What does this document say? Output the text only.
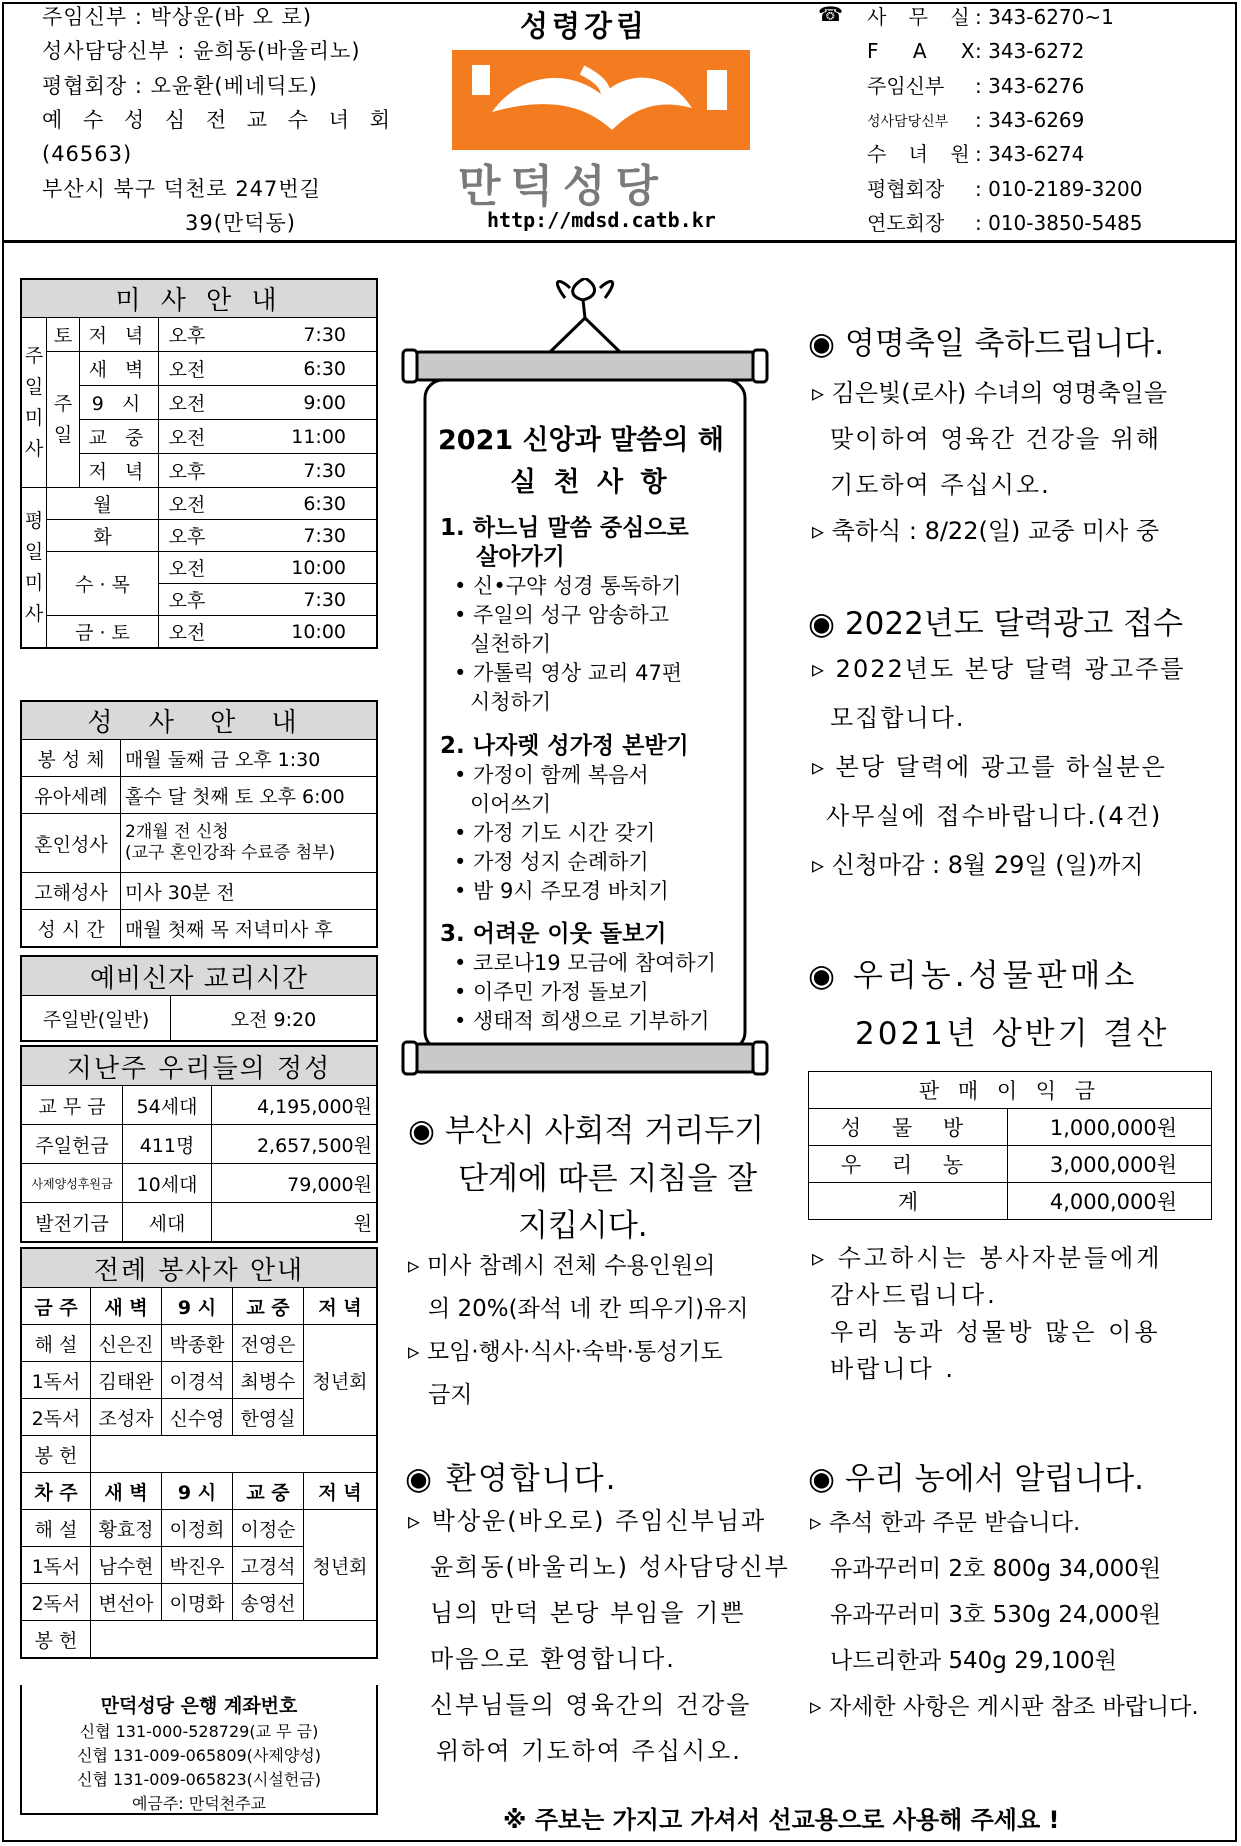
주임신부 : 박상운(바 오 로)
성사담당신부 : 윤희동(바울리노)
평협회장 : 오윤환(베네딕도)
예 수 성 심 전 교 수 녀 회
(46563)
부산시 북구 덕천로 247번길
39(만덕동)
성령강림
만덕성당
http://mdsd.catb.kr
☎ 사 무 실
: 343-6270~1
F A X
: 343-6272
주임신부 : 343-6276
성사담당신부 : 343-6269
수 녀 원
: 343-6274
평협회장 : 010-2189-3200
연도회장 : 010-3850-5485
미 사 안 내				

주
일
미
사	토	저 녁	오후	7:30

	주
일	새 벽	오전	6:30
		9 시	오전	9:00
		교 중	오전	11:00
		저 녁	오후	7:30

평
일
미
사	월		오전	6:30
	화		오후	7:30
	수 · 목		오전	10:00
			오후	7:30
	금 · 토		오전	10:00
성 사 안 내	
봉 성 체	매월 둘째 금 오후 1:30
유아세례	홀수 달 첫째 토 오후 6:00
혼인성사	2개월 전 신청
(교구 혼인강좌 수료증 첨부)

고해성사	미사 30분 전
성 시 간	매월 첫째 목 저녁미사 후
예비신자 교리시간
주일반(일반)	오전 9:20
지난주 우리들의 정성		
교 무 금	54세대	4,195,000원
주일헌금	411명	2,657,500원
사제양성후원금	10세대	79,000원
발전기금	세대	원
전례 봉사자 안내				
금 주	새 벽	9 시	교 중	저 녁
해 설	신은진	박종환	전영은	청년회
1독서	김태완	이경석	최병수	
2독서	조성자	신수영	한영실	
봉 헌				
차 주	새 벽	9 시	교 중	저 녁
해 설	황효정	이정희	이정순	청년회
1독서	남수현	박진우	고경석	
2독서	변선아	이명화	송영선	
봉 헌				
만덕성당 은행 계좌번호
신협 131-000-528729(교 무 금)
신협 131-009-065809(사제양성)
신협 131-009-065823(시설헌금)
예금주: 만덕천주교
2021 신앙과 말씀의 해
실 천 사 항
1. 하느님 말씀 중심으로
살아가기
• 신•구약 성경 통독하기
• 주일의 성구 암송하고
실천하기
• 가톨릭 영상 교리 47편
시청하기
2. 나자렛 성가정 본받기
• 가정이 함께 복음서
이어쓰기
• 가정 기도 시간 갖기
• 가정 성지 순례하기
• 밤 9시 주모경 바치기
3. 어려운 이웃 돌보기
• 코로나19 모금에 참여하기
• 이주민 가정 돌보기
• 생태적 희생으로 기부하기
◉ 부산시 사회적 거리두기
단계에 따른 지침을 잘
지킵시다.
▹ 미사 참례시 전체 수용인원의
의 20%(좌석 네 칸 띄우기)유지
▹ 모임·행사·식사·숙박·통성기도
금지
◉ 환영합니다.
▹ 박상운(바오로) 주임신부님과
윤희동(바울리노) 성사담당신부
님의 만덕 본당 부임을 기쁜
마음으로 환영합니다.
신부님들의 영육간의 건강을
위하여 기도하여 주십시오.
◉ 영명축일 축하드립니다.
▹ 김은빛(로사) 수녀의 영명축일을
맞이하여 영육간 건강을 위해
기도하여 주십시오.
▹ 축하식 : 8/22(일) 교중 미사 중
◉ 2022년도 달력광고 접수
▹ 2022년도 본당 달력 광고주를
모집합니다.
▹ 본당 달력에 광고를 하실분은
사무실에 접수바랍니다.(4건)
▹ 신청마감 : 8월 29일 (일)까지
◉ 우리농.성물판매소
2021년 상반기 결산
판 매 이 익 금	
성 물 방	1,000,000원
우 리 농	3,000,000원
계	4,000,000원
▹ 수고하시는 봉사자분들에게
감사드립니다.
우리 농과 성물방 많은 이용
바랍니다 .
◉ 우리 농에서 알립니다.
▹ 추석 한과 주문 받습니다.
유과꾸러미 2호 800g 34,000원
유과꾸러미 3호 530g 24,000원
나드리한과 540g 29,100원
▹ 자세한 사항은 게시판 참조 바랍니다.
※ 주보는 가지고 가셔서 선교용으로 사용해 주세요 !
